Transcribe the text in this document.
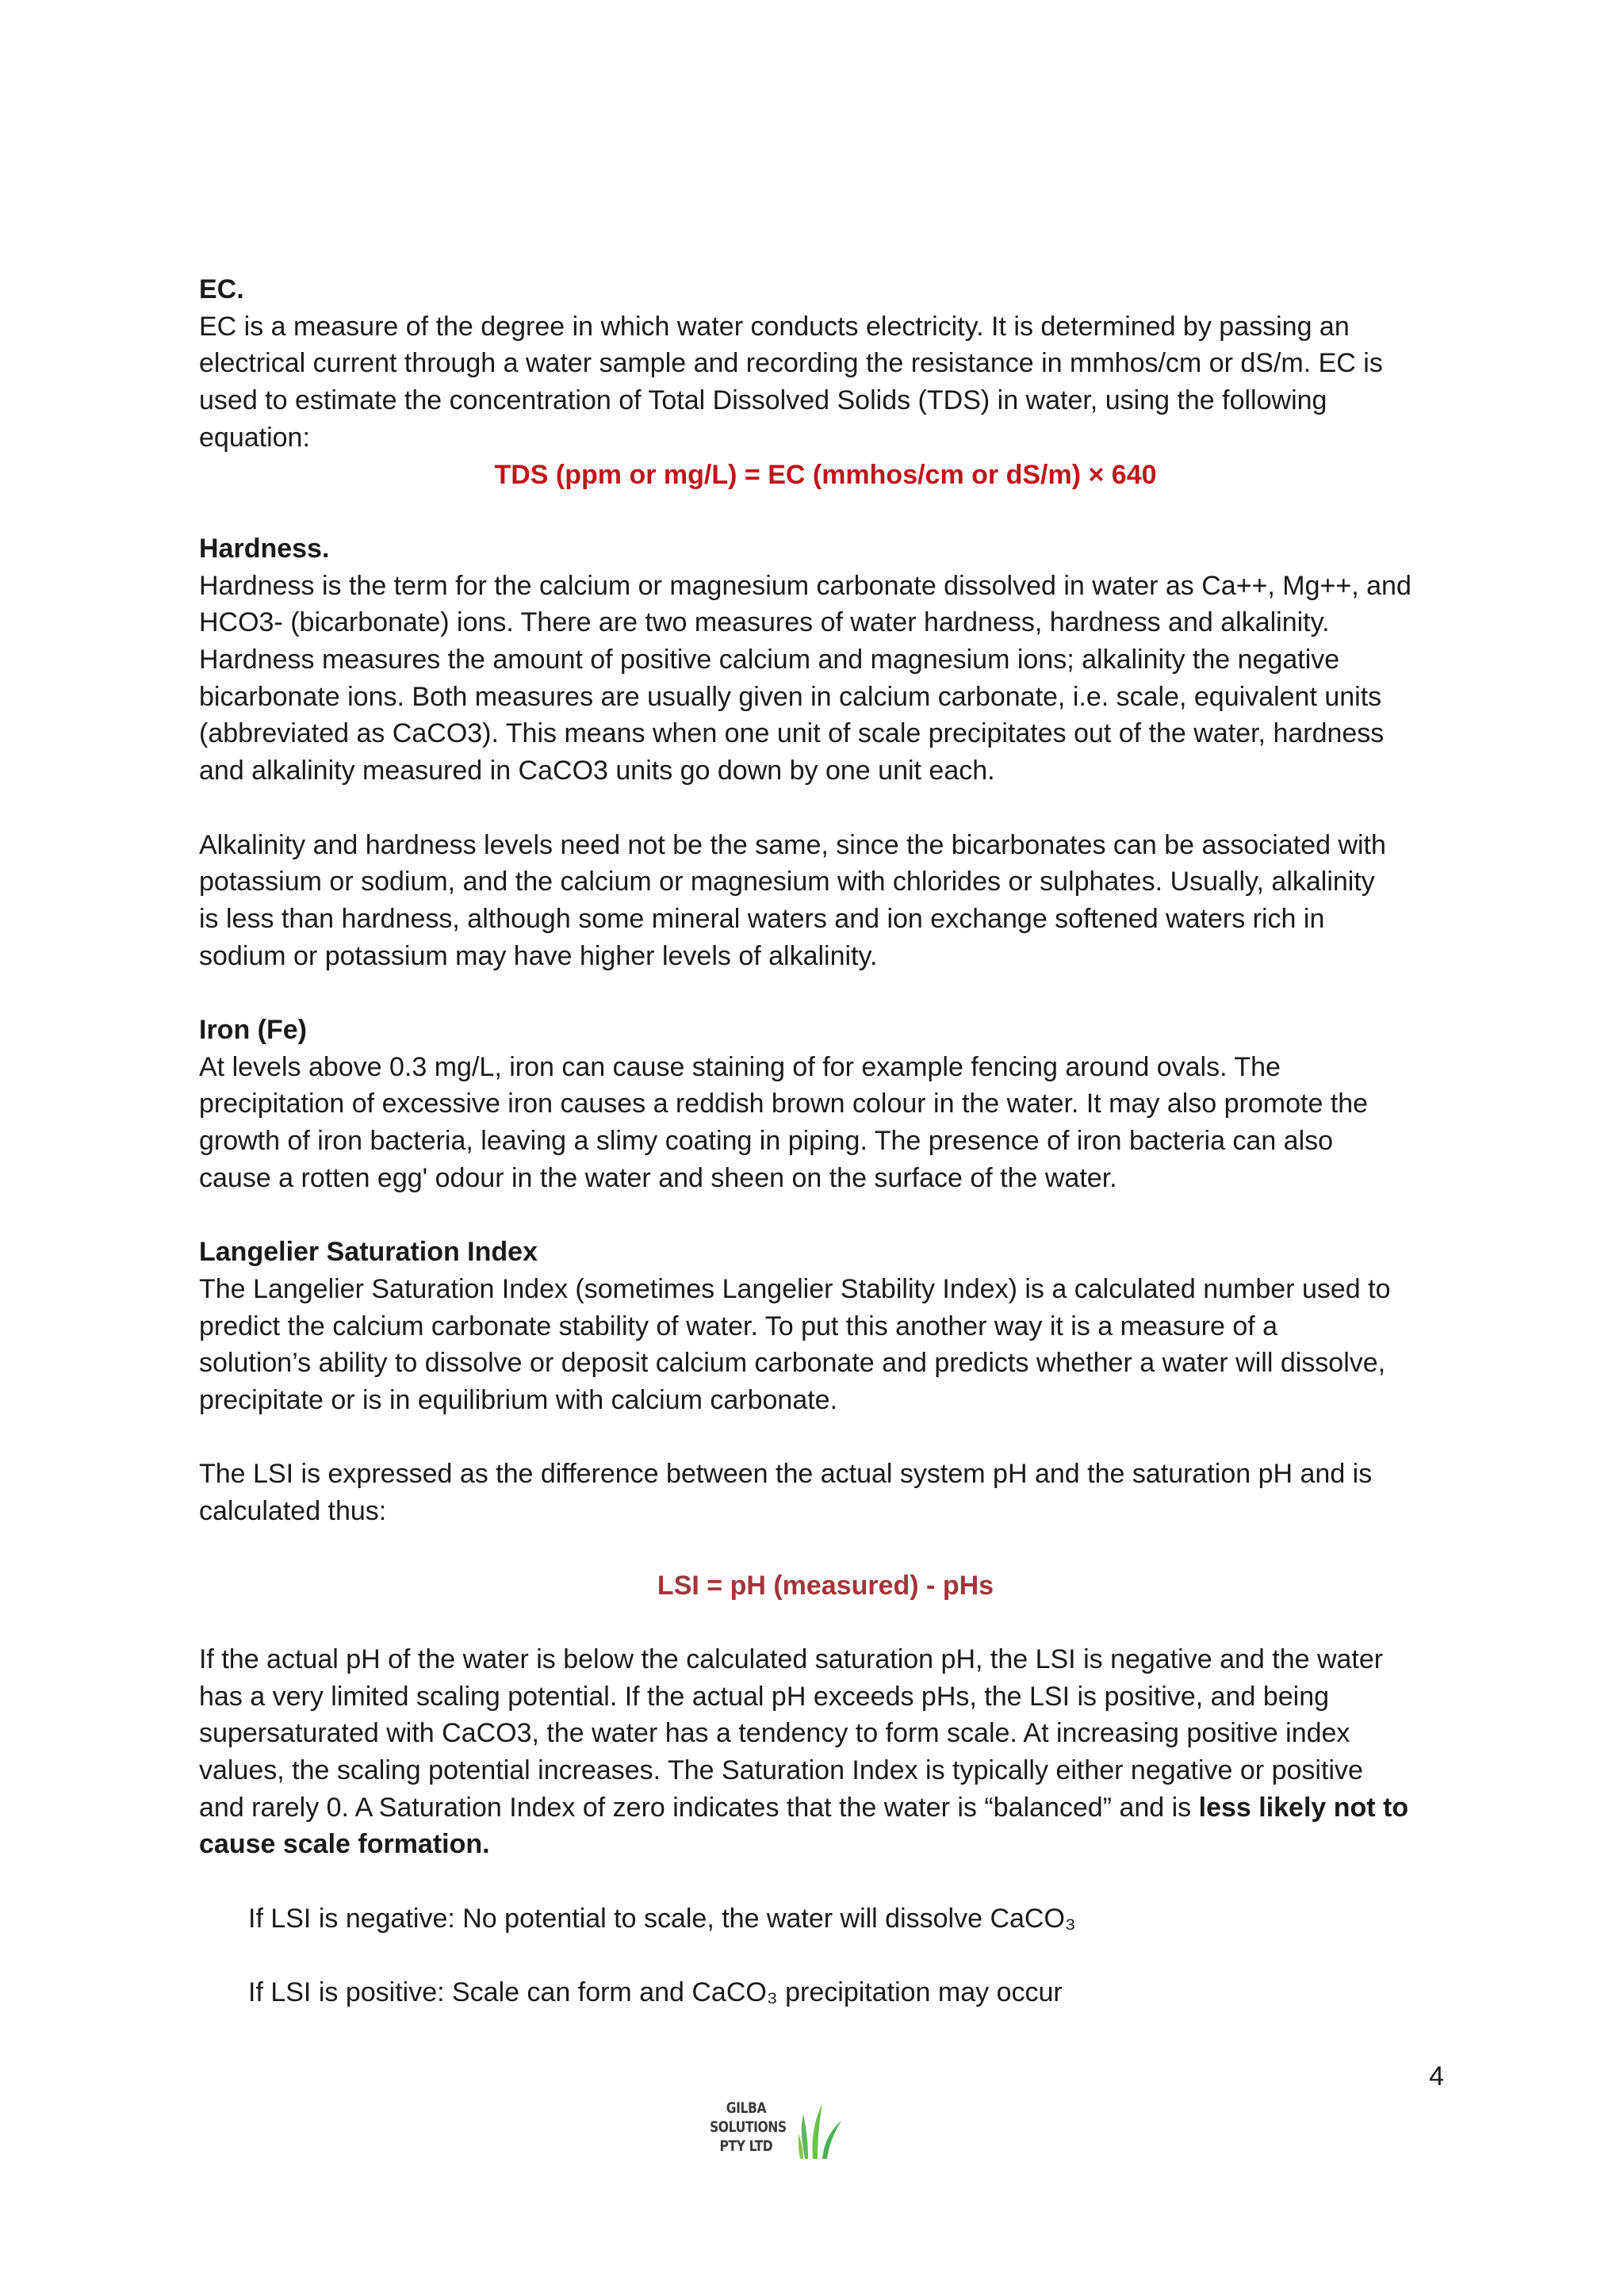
EC.

EC is a measure of the degree in which water conducts electricity. It is determined by passing an

electrical current through a water sample and recording the resistance in mmhos/cm or dS/m. EC is

used to estimate the concentration of Total Dissolved Solids (TDS) in water, using the following

equation:

TDS (ppm or mg/L) = EC (mmhos/cm or dS/m) × 640

Hardness.

Hardness is the term for the calcium or magnesium carbonate dissolved in water as Ca++, Mg++, and

HCO3- (bicarbonate) ions. There are two measures of water hardness, hardness and alkalinity.

Hardness measures the amount of positive calcium and magnesium ions; alkalinity the negative

bicarbonate ions. Both measures are usually given in calcium carbonate, i.e. scale, equivalent units

(abbreviated as CaCO3). This means when one unit of scale precipitates out of the water, hardness

and alkalinity measured in CaCO3 units go down by one unit each.

Alkalinity and hardness levels need not be the same, since the bicarbonates can be associated with

potassium or sodium, and the calcium or magnesium with chlorides or sulphates. Usually, alkalinity

is less than hardness, although some mineral waters and ion exchange softened waters rich in

sodium or potassium may have higher levels of alkalinity.

Iron (Fe)

At levels above 0.3 mg/L, iron can cause staining of for example fencing around ovals. The

precipitation of excessive iron causes a reddish brown colour in the water. It may also promote the

growth of iron bacteria, leaving a slimy coating in piping. The presence of iron bacteria can also

cause a rotten egg' odour in the water and sheen on the surface of the water.

Langelier Saturation Index

The Langelier Saturation Index (sometimes Langelier Stability Index) is a calculated number used to

predict the calcium carbonate stability of water. To put this another way it is a measure of a

solution’s ability to dissolve or deposit calcium carbonate and predicts whether a water will dissolve,

precipitate or is in equilibrium with calcium carbonate.

The LSI is expressed as the difference between the actual system pH and the saturation pH and is

calculated thus:

LSI = pH (measured) - pHs

If the actual pH of the water is below the calculated saturation pH, the LSI is negative and the water

has a very limited scaling potential. If the actual pH exceeds pHs, the LSI is positive, and being

supersaturated with CaCO3, the water has a tendency to form scale. At increasing positive index

values, the scaling potential increases. The Saturation Index is typically either negative or positive

and rarely 0. A Saturation Index of zero indicates that the water is “balanced” and is less likely not to

cause scale formation.

If LSI is negative: No potential to scale, the water will dissolve CaCO₃

If LSI is positive: Scale can form and CaCO₃ precipitation may occur

4
GILBA
SOLUTIONS
PTY LTD
